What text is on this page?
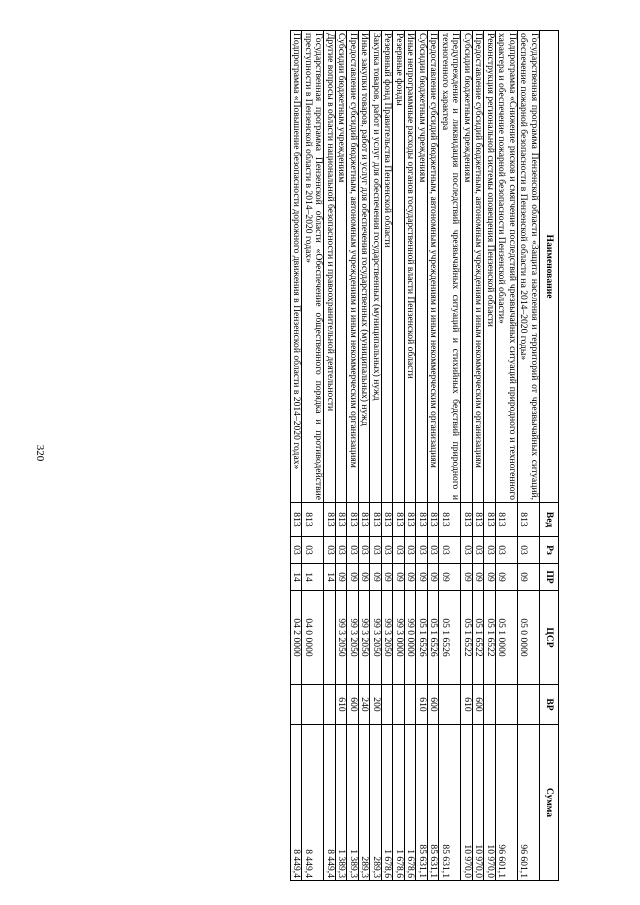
320
Наименование	Вед	Рз	ПР	ЦСР	ВР	Сумма
Государственная программа Пензенской области «Защита населения и территорий от чрезвычайных ситуаций, обеспечение пожарной безопасности в Пензенской области на 2014–2020 годы»	813	03	09	05 0 0000		96 601,1
Подпрограмма «Снижение рисков и смягчение последствий чрезвычайных ситуаций природного и техногенного характера и обеспечение пожарной безопасности Пензенской области»	813	03	09	05 1 0000		96 601,1
Реконструкция региональной системы оповещения Пензенской области	813	03	09	05 1 6522		10 970,0
Предоставление субсидий бюджетным, автономным учреждениям и иным некоммерческим организациям	813	03	09	05 1 6522	600	10 970,0
Субсидии бюджетным учреждениям	813	03	09	05 1 6522	610	10 970,0
Предупреждение и ликвидация последствий чрезвычайных ситуаций и стихийных бедствий природного и техногенного характера	813	03	09	05 1 6526		85 631,1
Предоставление субсидий бюджетным, автономным учреждениям и иным некоммерческим организациям	813	03	09	05 1 6526	600	85 631,1
Субсидии бюджетным учреждениям	813	03	09	05 1 6526	610	85 631,1
Иные непрограммные расходы органов государственной власти Пензенской области	813	03	09	99 0 0000		1 678,6
Резервные фонды	813	03	09	99 3 0000		1 678,6
Резервный фонд Правительства Пензенской области	813	03	09	99 3 2050		1 678,6
Закупка товаров, работ и услуг для обеспечения государственных (муниципальных) нужд	813	03	09	99 3 2050	200	289,3
Иные закупки товаров, работ и услуг для обеспечения государственных (муниципальных) нужд	813	03	09	99 3 2050	240	289,3
Предоставление субсидий бюджетным, автономным учреждениям и иным некоммерческим организациям	813	03	09	99 3 2050	600	1 389,3
Субсидии бюджетным учреждениям	813	03	09	99 3 2050	610	1 389,3
Другие вопросы в области национальной безопасности и правоохранительной деятельности	813	03	14			8 449,4
Государственная программа Пензенской области «Обеспечение общественного порядка и противодействие преступности в Пензенской области в 2014–2020 годах»	813	03	14	04 0 0000		8 449,4
Подпрограмма «Повышение безопасности дорожного движения в Пензенской области в 2014–2020 годах»	813	03	14	04 2 0000		8 449,4
